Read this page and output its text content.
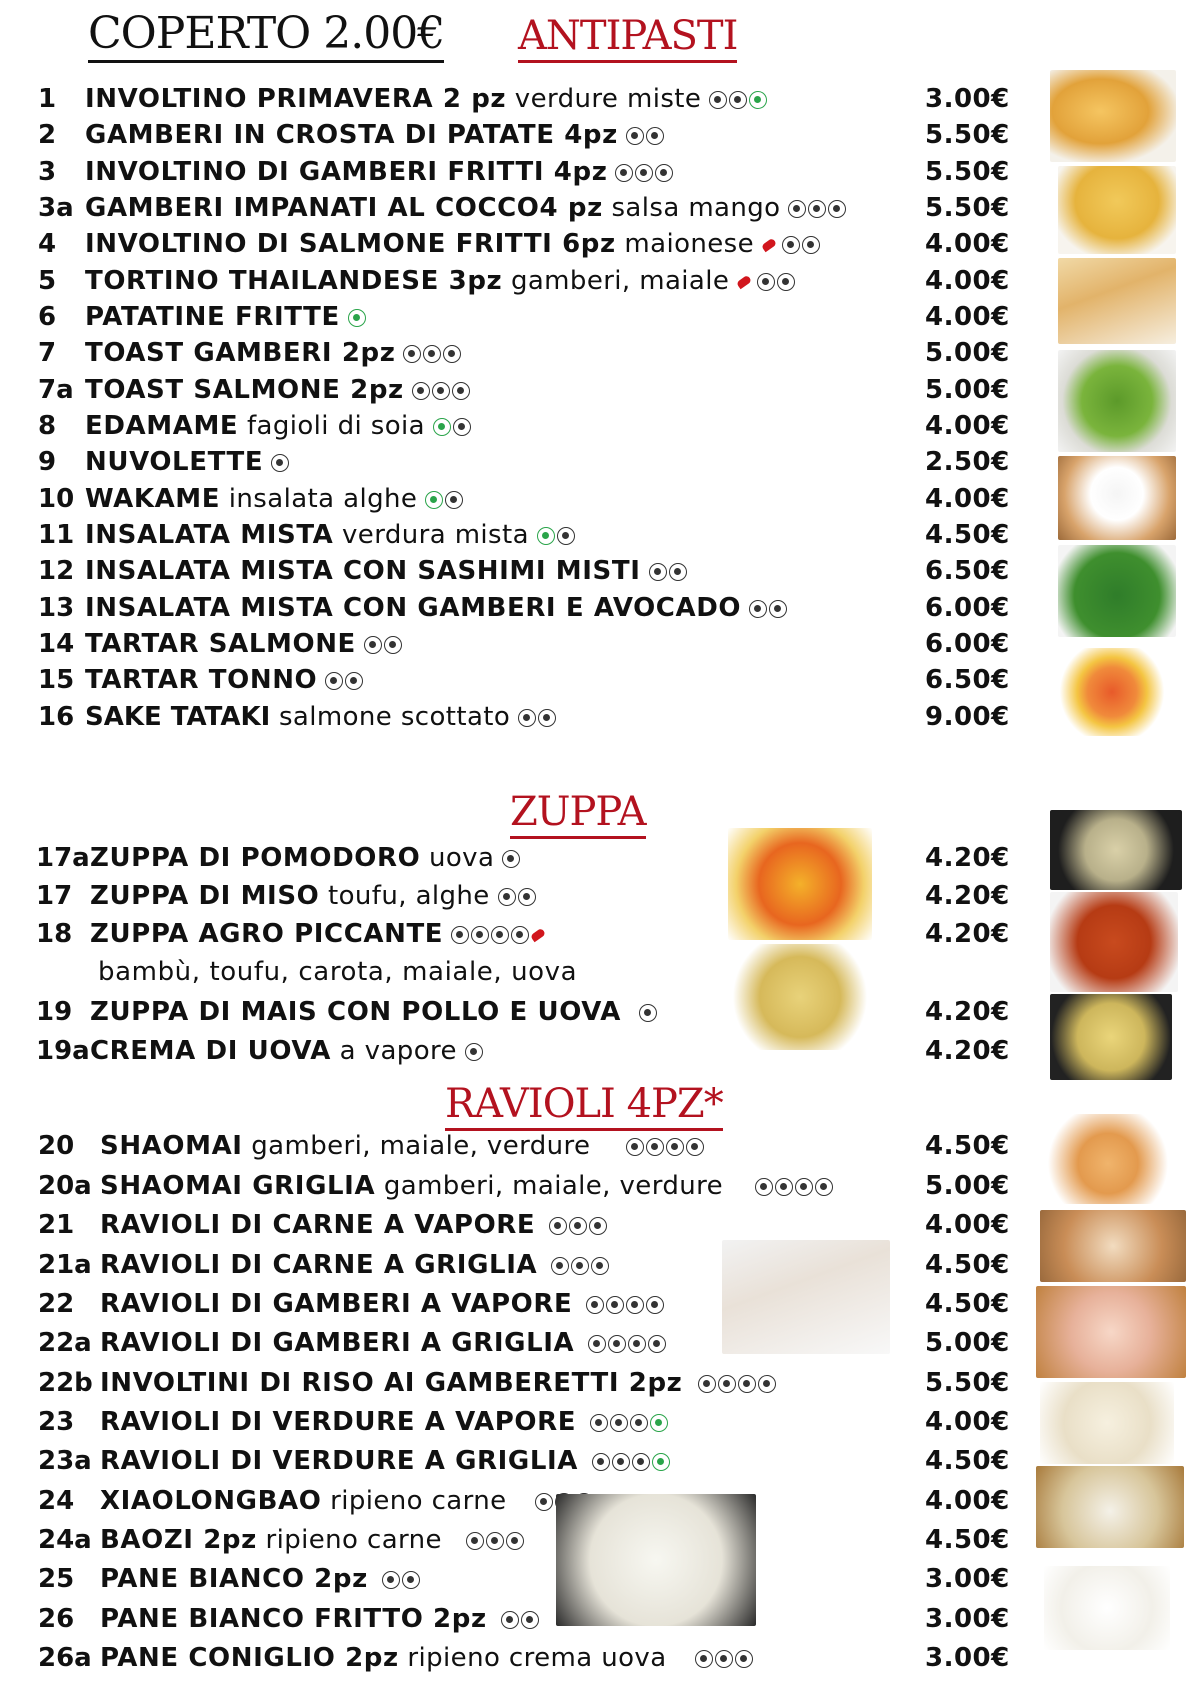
COPERTO 2.00€ ANTIPASTI
1 INVOLTINO PRIMAVERA 2 pz verdure miste	3.00€
2 GAMBERI IN CROSTA DI PATATE 4pz	5.50€
3 INVOLTINO DI GAMBERI FRITTI 4pz	5.50€
3a GAMBERI IMPANATI AL COCCO4 pz salsa mango	5.50€
4 INVOLTINO DI SALMONE FRITTI 6pz maionese	4.00€
5 TORTINO THAILANDESE 3pz gamberi, maiale	4.00€
6 PATATINE FRITTE	4.00€
7 TOAST GAMBERI 2pz	5.00€
7a TOAST SALMONE 2pz	5.00€
8 EDAMAME fagioli di soia	4.00€
9 NUVOLETTE	2.50€
10 WAKAME insalata alghe	4.00€
11 INSALATA MISTA verdura mista	4.50€
12 INSALATA MISTA CON SASHIMI MISTI	6.50€
13 INSALATA MISTA CON GAMBERI E AVOCADO	6.00€
14 TARTAR SALMONE	6.00€
15 TARTAR TONNO	6.50€
16 SAKE TATAKI salmone scottato	9.00€
ZUPPA
17a ZUPPA DI POMODORO uova	4.20€
17 ZUPPA DI MISO toufu, alghe	4.20€
18 ZUPPA AGRO PICCANTE	4.20€
bambù, toufu, carota, maiale, uova
19 ZUPPA DI MAIS CON POLLO E UOVA	4.20€
19a CREMA DI UOVA a vapore	4.20€
RAVIOLI 4PZ*
20 SHAOMAI gamberi, maiale, verdure	4.50€
20a SHAOMAI GRIGLIA gamberi, maiale, verdure	5.00€
21 RAVIOLI DI CARNE A VAPORE	4.00€
21a RAVIOLI DI CARNE A GRIGLIA	4.50€
22 RAVIOLI DI GAMBERI A VAPORE	4.50€
22a RAVIOLI DI GAMBERI A GRIGLIA	5.00€
22b INVOLTINI DI RISO AI GAMBERETTI 2pz	5.50€
23 RAVIOLI DI VERDURE A VAPORE	4.00€
23a RAVIOLI DI VERDURE A GRIGLIA	4.50€
24 XIAOLONGBAO ripieno carne	4.00€
24a BAOZI 2pz ripieno carne	4.50€
25 PANE BIANCO 2pz	3.00€
26 PANE BIANCO FRITTO 2pz	3.00€
26a PANE CONIGLIO 2pz ripieno crema uova	3.00€
